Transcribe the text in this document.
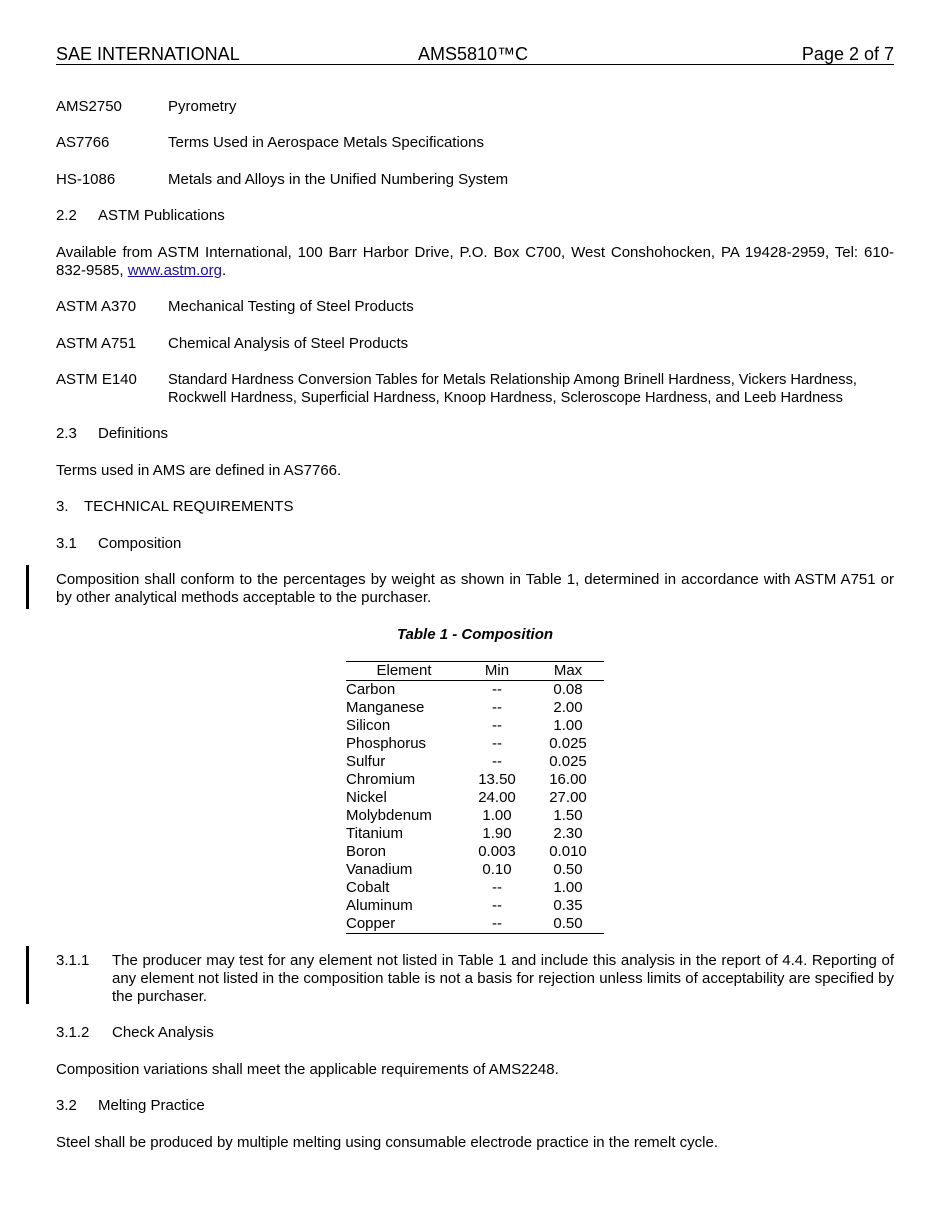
SAE INTERNATIONAL	AMS5810™C	Page 2 of 7
AMS2750	Pyrometry
AS7766	Terms Used in Aerospace Metals Specifications
HS-1086	Metals and Alloys in the Unified Numbering System
2.2 ASTM Publications
Available from ASTM International, 100 Barr Harbor Drive, P.O. Box C700, West Conshohocken, PA 19428-2959, Tel: 610-832-9585, www.astm.org.
ASTM A370 Mechanical Testing of Steel Products
ASTM A751 Chemical Analysis of Steel Products
ASTM E140 Standard Hardness Conversion Tables for Metals Relationship Among Brinell Hardness, Vickers Hardness, Rockwell Hardness, Superficial Hardness, Knoop Hardness, Scleroscope Hardness, and Leeb Hardness
2.3 Definitions
Terms used in AMS are defined in AS7766.
3. TECHNICAL REQUIREMENTS
3.1 Composition
Composition shall conform to the percentages by weight as shown in Table 1, determined in accordance with ASTM A751 or by other analytical methods acceptable to the purchaser.
Table 1 - Composition
Element	Min	Max
Carbon	--	0.08
Manganese	--	2.00
Silicon	--	1.00
Phosphorus	--	0.025
Sulfur	--	0.025
Chromium	13.50	16.00
Nickel	24.00	27.00
Molybdenum	1.00	1.50
Titanium	1.90	2.30
Boron	0.003	0.010
Vanadium	0.10	0.50
Cobalt	--	1.00
Aluminum	--	0.35
Copper	--	0.50
3.1.1 The producer may test for any element not listed in Table 1 and include this analysis in the report of 4.4. Reporting of any element not listed in the composition table is not a basis for rejection unless limits of acceptability are specified by the purchaser.
3.1.2 Check Analysis
Composition variations shall meet the applicable requirements of AMS2248.
3.2 Melting Practice
Steel shall be produced by multiple melting using consumable electrode practice in the remelt cycle.
